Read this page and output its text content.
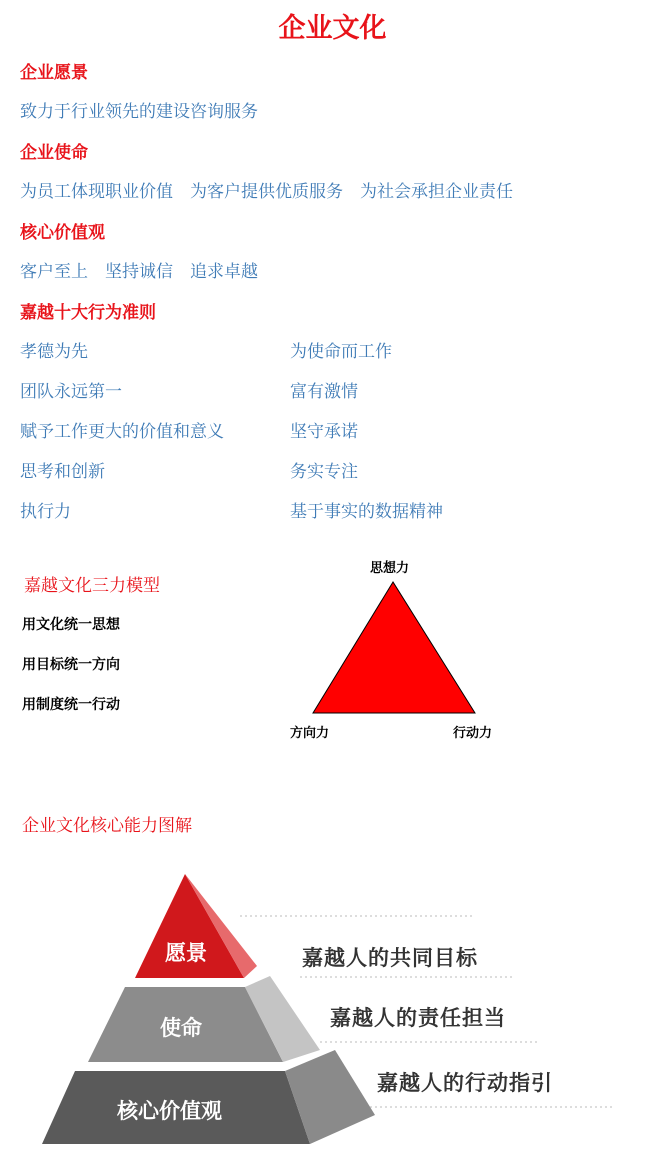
企业文化
企业愿景
致力于行业领先的建设咨询服务
企业使命
为员工体现职业价值 为客户提供优质服务 为社会承担企业责任
核心价值观
客户至上 坚持诚信 追求卓越
嘉越十大行为准则
孝德为先
团队永远第一
赋予工作更大的价值和意义
思考和创新
执行力
为使命而工作
富有激情
坚守承诺
务实专注
基于事实的数据精神
嘉越文化三力模型
用文化统一思想
用目标统一方向
用制度统一行动
思想力
方向力	行动力
企业文化核心能力图解
愿景
使命
核心价值观
嘉越人的共同目标
嘉越人的责任担当
嘉越人的行动指引
